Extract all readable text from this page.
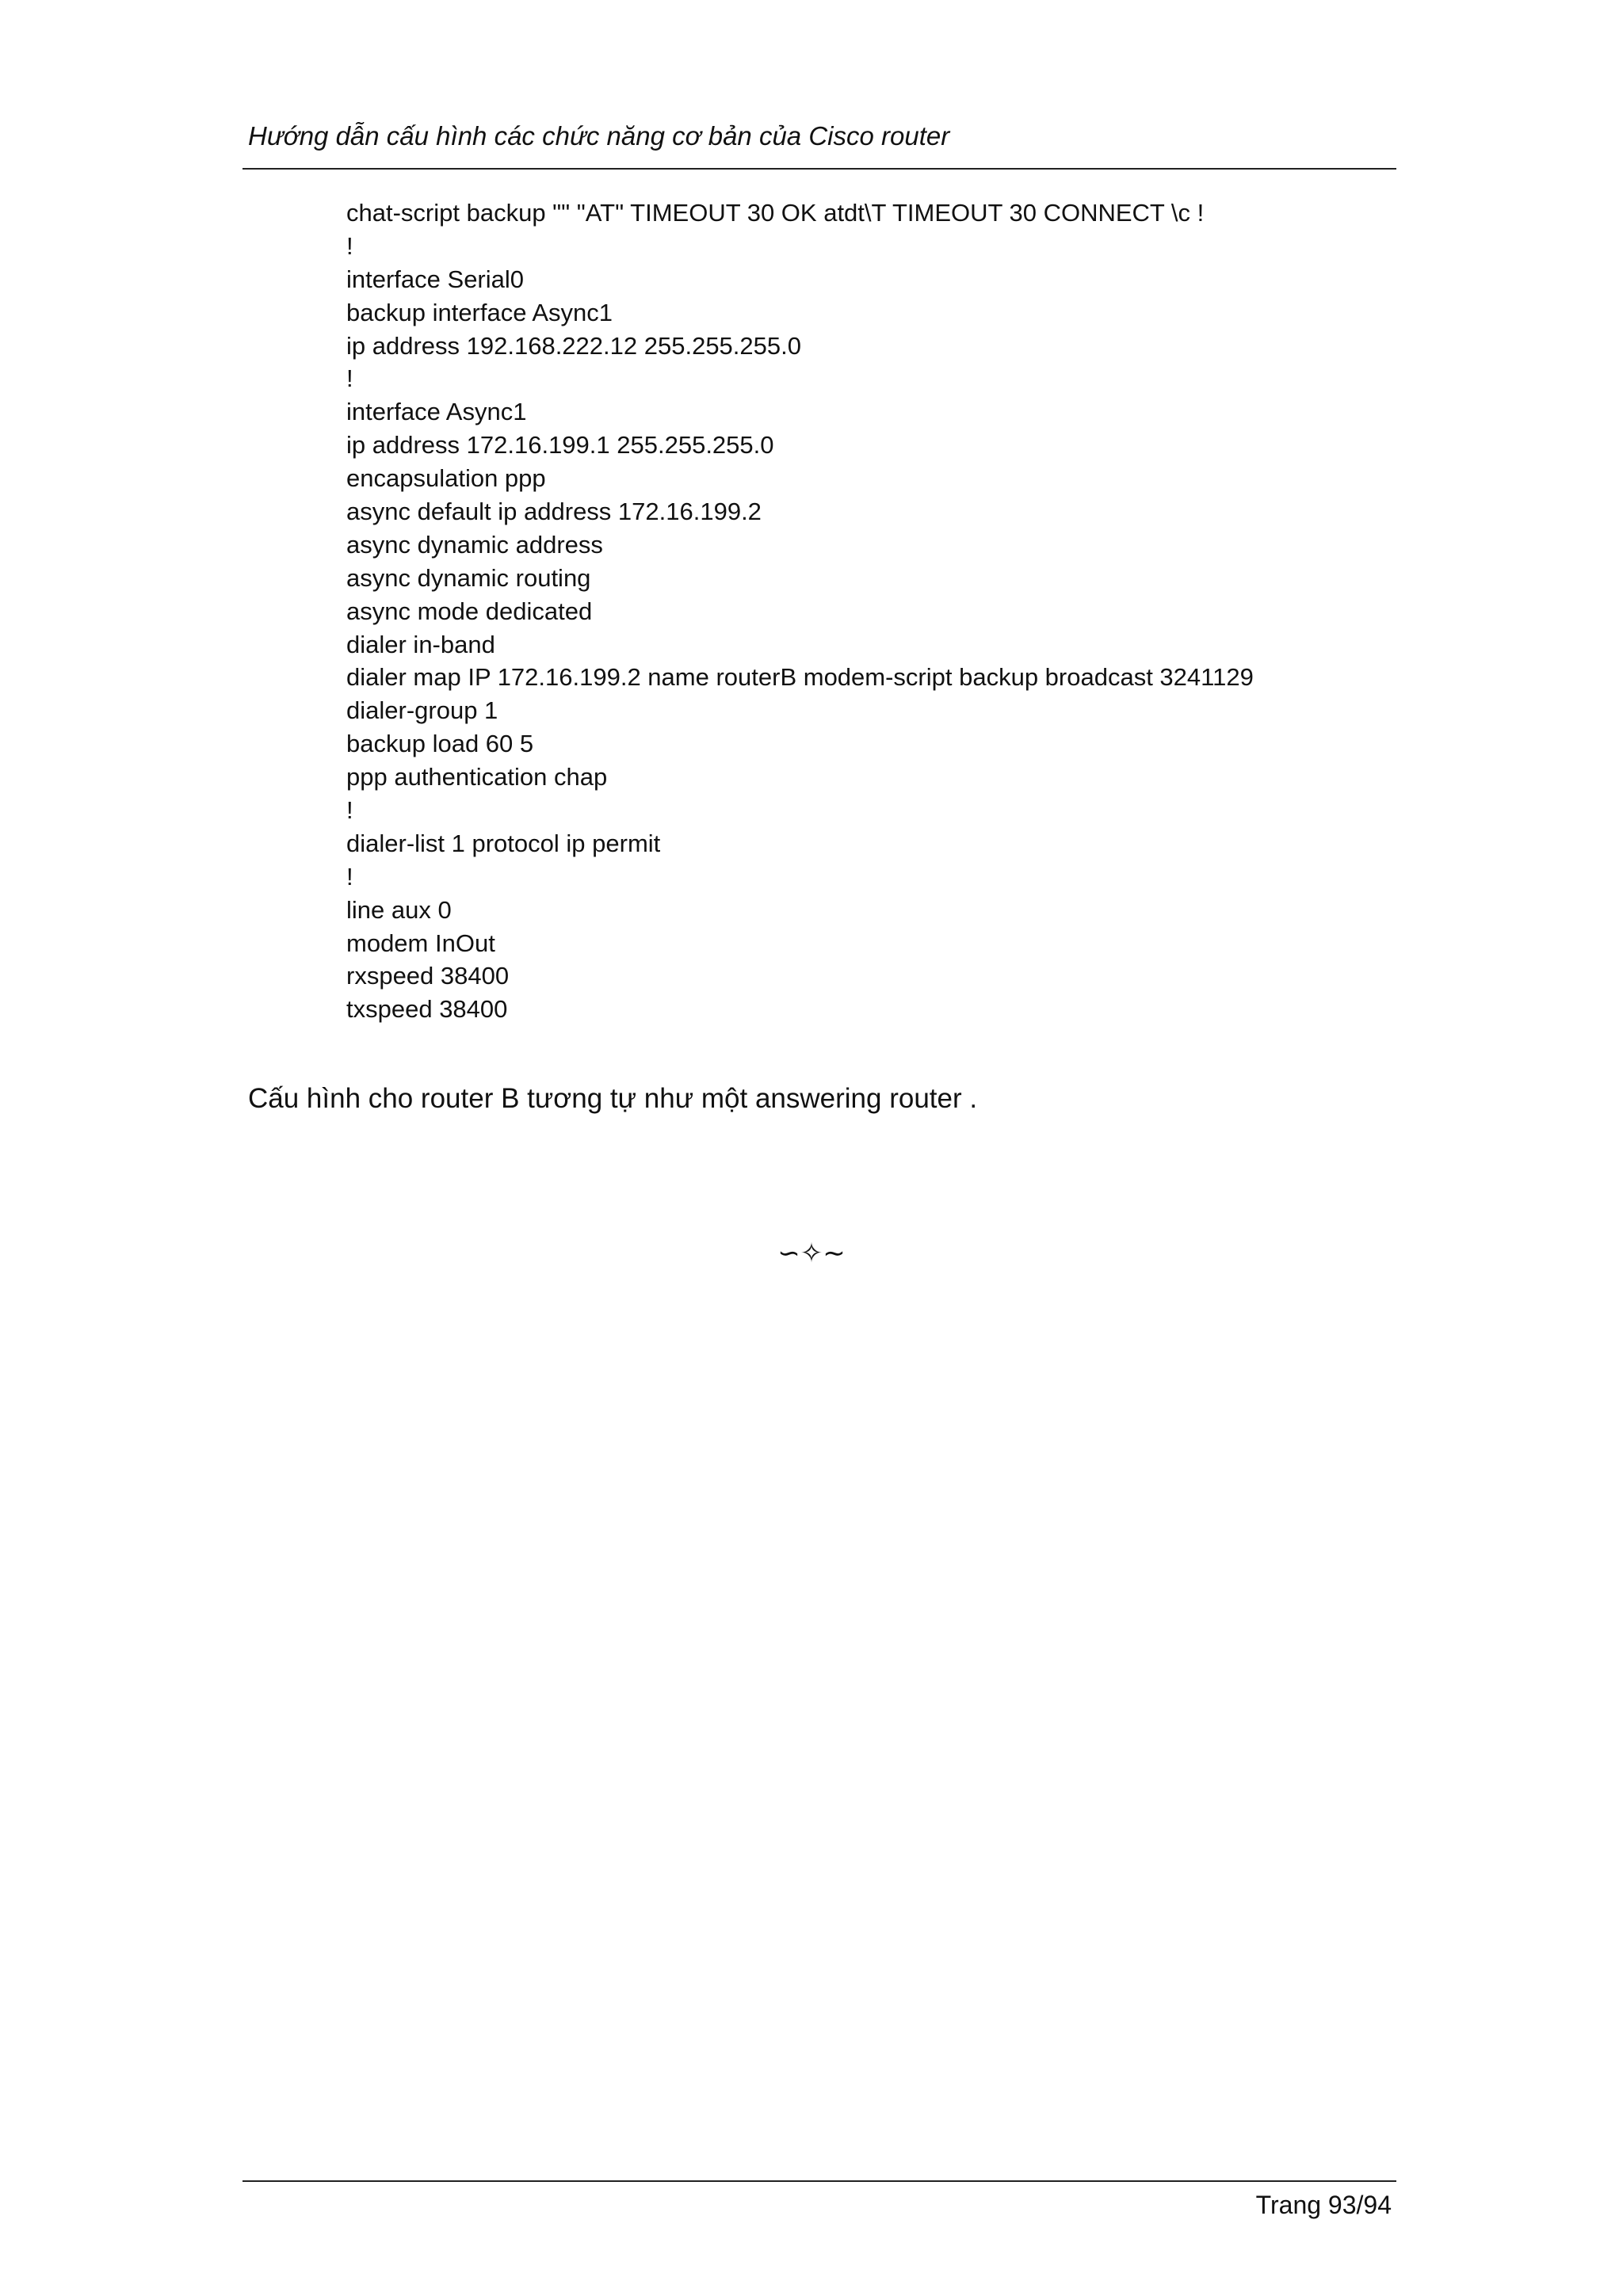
Hướng dẫn cấu hình các chức năng cơ bản của Cisco router
chat-script backup "" "AT" TIMEOUT 30 OK atdt\T TIMEOUT 30 CONNECT \c !
!
interface Serial0
backup interface Async1
ip address 192.168.222.12 255.255.255.0
!
interface Async1
ip address 172.16.199.1 255.255.255.0
encapsulation ppp
async default ip address 172.16.199.2
async dynamic address
async dynamic routing
async mode dedicated
dialer in-band
dialer map IP 172.16.199.2 name routerB modem-script backup broadcast 3241129
dialer-group 1
backup load 60 5
ppp authentication chap
!
dialer-list 1 protocol ip permit
!
line aux 0
modem InOut
rxspeed 38400
txspeed 38400
Cấu hình cho router B tương tự như một answering router .
∽✧∼
Trang 93/94
